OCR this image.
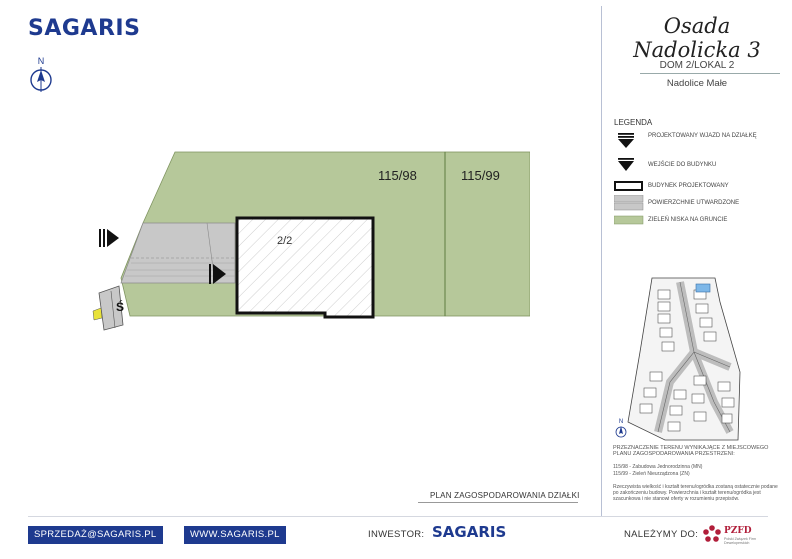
SAGARIS
N
Osada Nadolicka 3
DOM 2/LOKAL 2
Nadolice Małe
LEGENDA
PROJEKTOWANY WJAZD NA DZIAŁKĘ
WEJŚCIE DO BUDYNKU
BUDYNEK PROJEKTOWANY
POWIERZCHNIE UTWARDZONE
ZIELEŃ NISKA NA GRUNCIE
Ś
2/2
115/98	115/99
PLAN ZAGOSPODAROWANIA DZIAŁKI
N
PRZEZNACZENIE TERENU WYNIKAJĄCE Z MIEJSCOWEGO PLANU ZAGOSPODAROWANIA PRZESTRZENI:
115/98 - Zabudowa Jednorodzinna (MN)
115/99 - Zieleń Nieurządzona (ZN)
Rzeczywista wielkość i kształt terenu/ogródka zostaną ostatecznie podane po zakończeniu budowy. Powierzchnia i kształt terenu/ogródka jest szacunkowa i nie stanowi oferty w rozumieniu przepisów.
SPRZEDAŻ@SAGARIS.PL	WWW.SAGARIS.PL	INWESTOR: SAGARIS	NALEŻYMY DO:	PZFD
Polski Związek Firm Deweloperskich
